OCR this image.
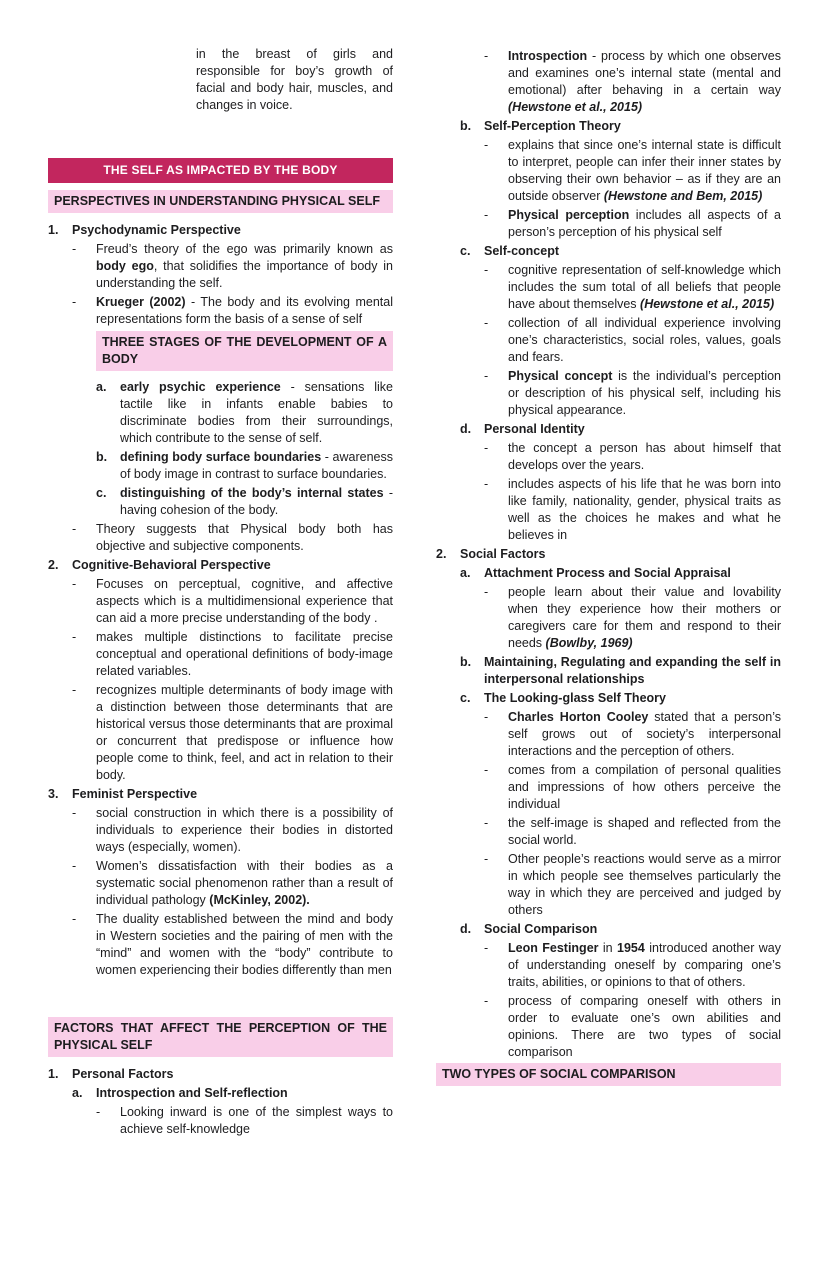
in the breast of girls and responsible for boy’s growth of facial and body hair, muscles, and changes in voice.
THE SELF AS IMPACTED BY THE BODY
PERSPECTIVES IN UNDERSTANDING PHYSICAL SELF
1.	Psychodynamic Perspective
-	Freud’s theory of the ego was primarily known as body ego, that solidifies the importance of body in understanding the self.
-	Krueger (2002) - The body and its evolving mental representations form the basis of a sense of self
THREE STAGES OF THE DEVELOPMENT OF A BODY
a.	early psychic experience - sensations like tactile like in infants enable babies to discriminate bodies from their surroundings, which contribute to the sense of self.
b.	defining body surface boundaries - awareness of body image in contrast to surface boundaries.
c.	distinguishing of the body’s internal states - having cohesion of the body.
-	Theory suggests that Physical body both has objective and subjective components.
2.	Cognitive-Behavioral Perspective
-	Focuses on perceptual, cognitive, and affective aspects which is a multidimensional experience that can aid a more precise understanding of the body .
-	makes multiple distinctions to facilitate precise conceptual and operational definitions of body-image related variables.
-	recognizes multiple determinants of body image with a distinction between those determinants that are historical versus those determinants that are proximal or concurrent that predispose or influence how people come to think, feel, and act in relation to their body.
3.	Feminist Perspective
-	social construction in which there is a possibility of individuals to experience their bodies in distorted ways (especially, women).
-	Women’s dissatisfaction with their bodies as a systematic social phenomenon rather than a result of individual pathology (McKinley, 2002).
-	The duality established between the mind and body in Western societies and the pairing of men with the “mind” and women with the “body” contribute to women experiencing their bodies differently than men
FACTORS THAT AFFECT THE PERCEPTION OF THE PHYSICAL SELF
1.	Personal Factors
a.	Introspection and Self-reflection
-	Looking inward is one of the simplest ways to achieve self-knowledge
-	Introspection - process by which one observes and examines one’s internal state (mental and emotional) after behaving in a certain way (Hewstone et al., 2015)
b.	Self-Perception Theory
-	explains that since one’s internal state is difficult to interpret, people can infer their inner states by observing their own behavior – as if they are an outside observer (Hewstone and Bem, 2015)
-	Physical perception includes all aspects of a person’s perception of his physical self
c.	Self-concept
-	cognitive representation of self-knowledge which includes the sum total of all beliefs that people have about themselves (Hewstone et al., 2015)
-	collection of all individual experience involving one’s characteristics, social roles, values, goals and fears.
-	Physical concept is the individual’s perception or description of his physical self, including his physical appearance.
d.	Personal Identity
-	the concept a person has about himself that develops over the years.
-	includes aspects of his life that he was born into like family, nationality, gender, physical traits as well as the choices he makes and what he believes in
2.	Social Factors
a.	Attachment Process and Social Appraisal
-	people learn about their value and lovability when they experience how their mothers or caregivers care for them and respond to their needs (Bowlby, 1969)
b.	Maintaining, Regulating and expanding the self in interpersonal relationships
c.	The Looking-glass Self Theory
-	Charles Horton Cooley stated that a person’s self grows out of society’s interpersonal interactions and the perception of others.
-	comes from a compilation of personal qualities and impressions of how others perceive the individual
-	the self-image is shaped and reflected from the social world.
-	Other people’s reactions would serve as a mirror in which people see themselves particularly the way in which they are perceived and judged by others
d.	Social Comparison
-	Leon Festinger in 1954 introduced another way of understanding oneself by comparing one’s traits, abilities, or opinions to that of others.
-	process of comparing oneself with others in order to evaluate one’s own abilities and opinions. There are two types of social comparison
TWO TYPES OF SOCIAL COMPARISON
